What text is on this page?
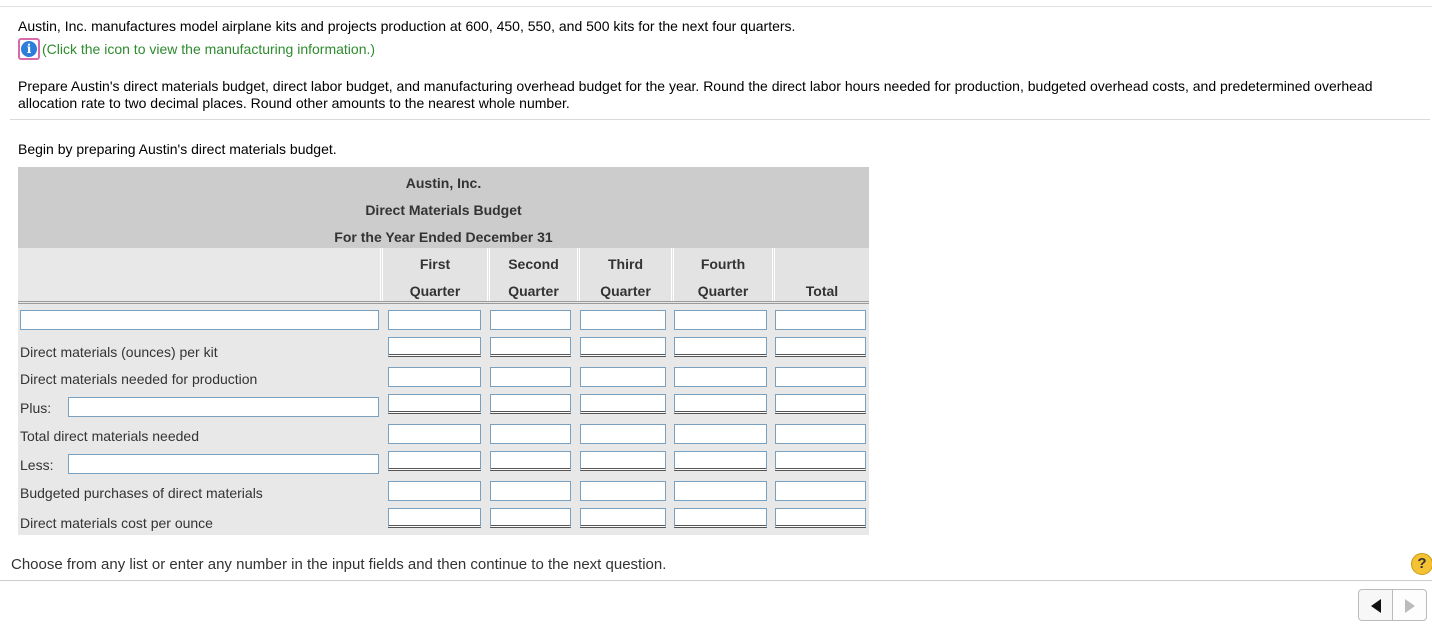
Austin, Inc. manufactures model airplane kits and projects production at 600, 450, 550, and 500 kits for the next four quarters.
i (Click the icon to view the manufacturing information.)
Prepare Austin's direct materials budget, direct labor budget, and manufacturing overhead budget for the year. Round the direct labor hours needed for production, budgeted overhead costs, and predetermined overhead allocation rate to two decimal places. Round other amounts to the nearest whole number.
Begin by preparing Austin's direct materials budget.
Austin, Inc.
Direct Materials Budget
For the Year Ended December 31
First
Quarter
Second
Quarter
Third
Quarter
Fourth
Quarter	Total
Direct materials (ounces) per kit
Direct materials needed for production
Plus:
Total direct materials needed
Less:
Budgeted purchases of direct materials
Direct materials cost per ounce
Choose from any list or enter any number in the input fields and then continue to the next question.	?
